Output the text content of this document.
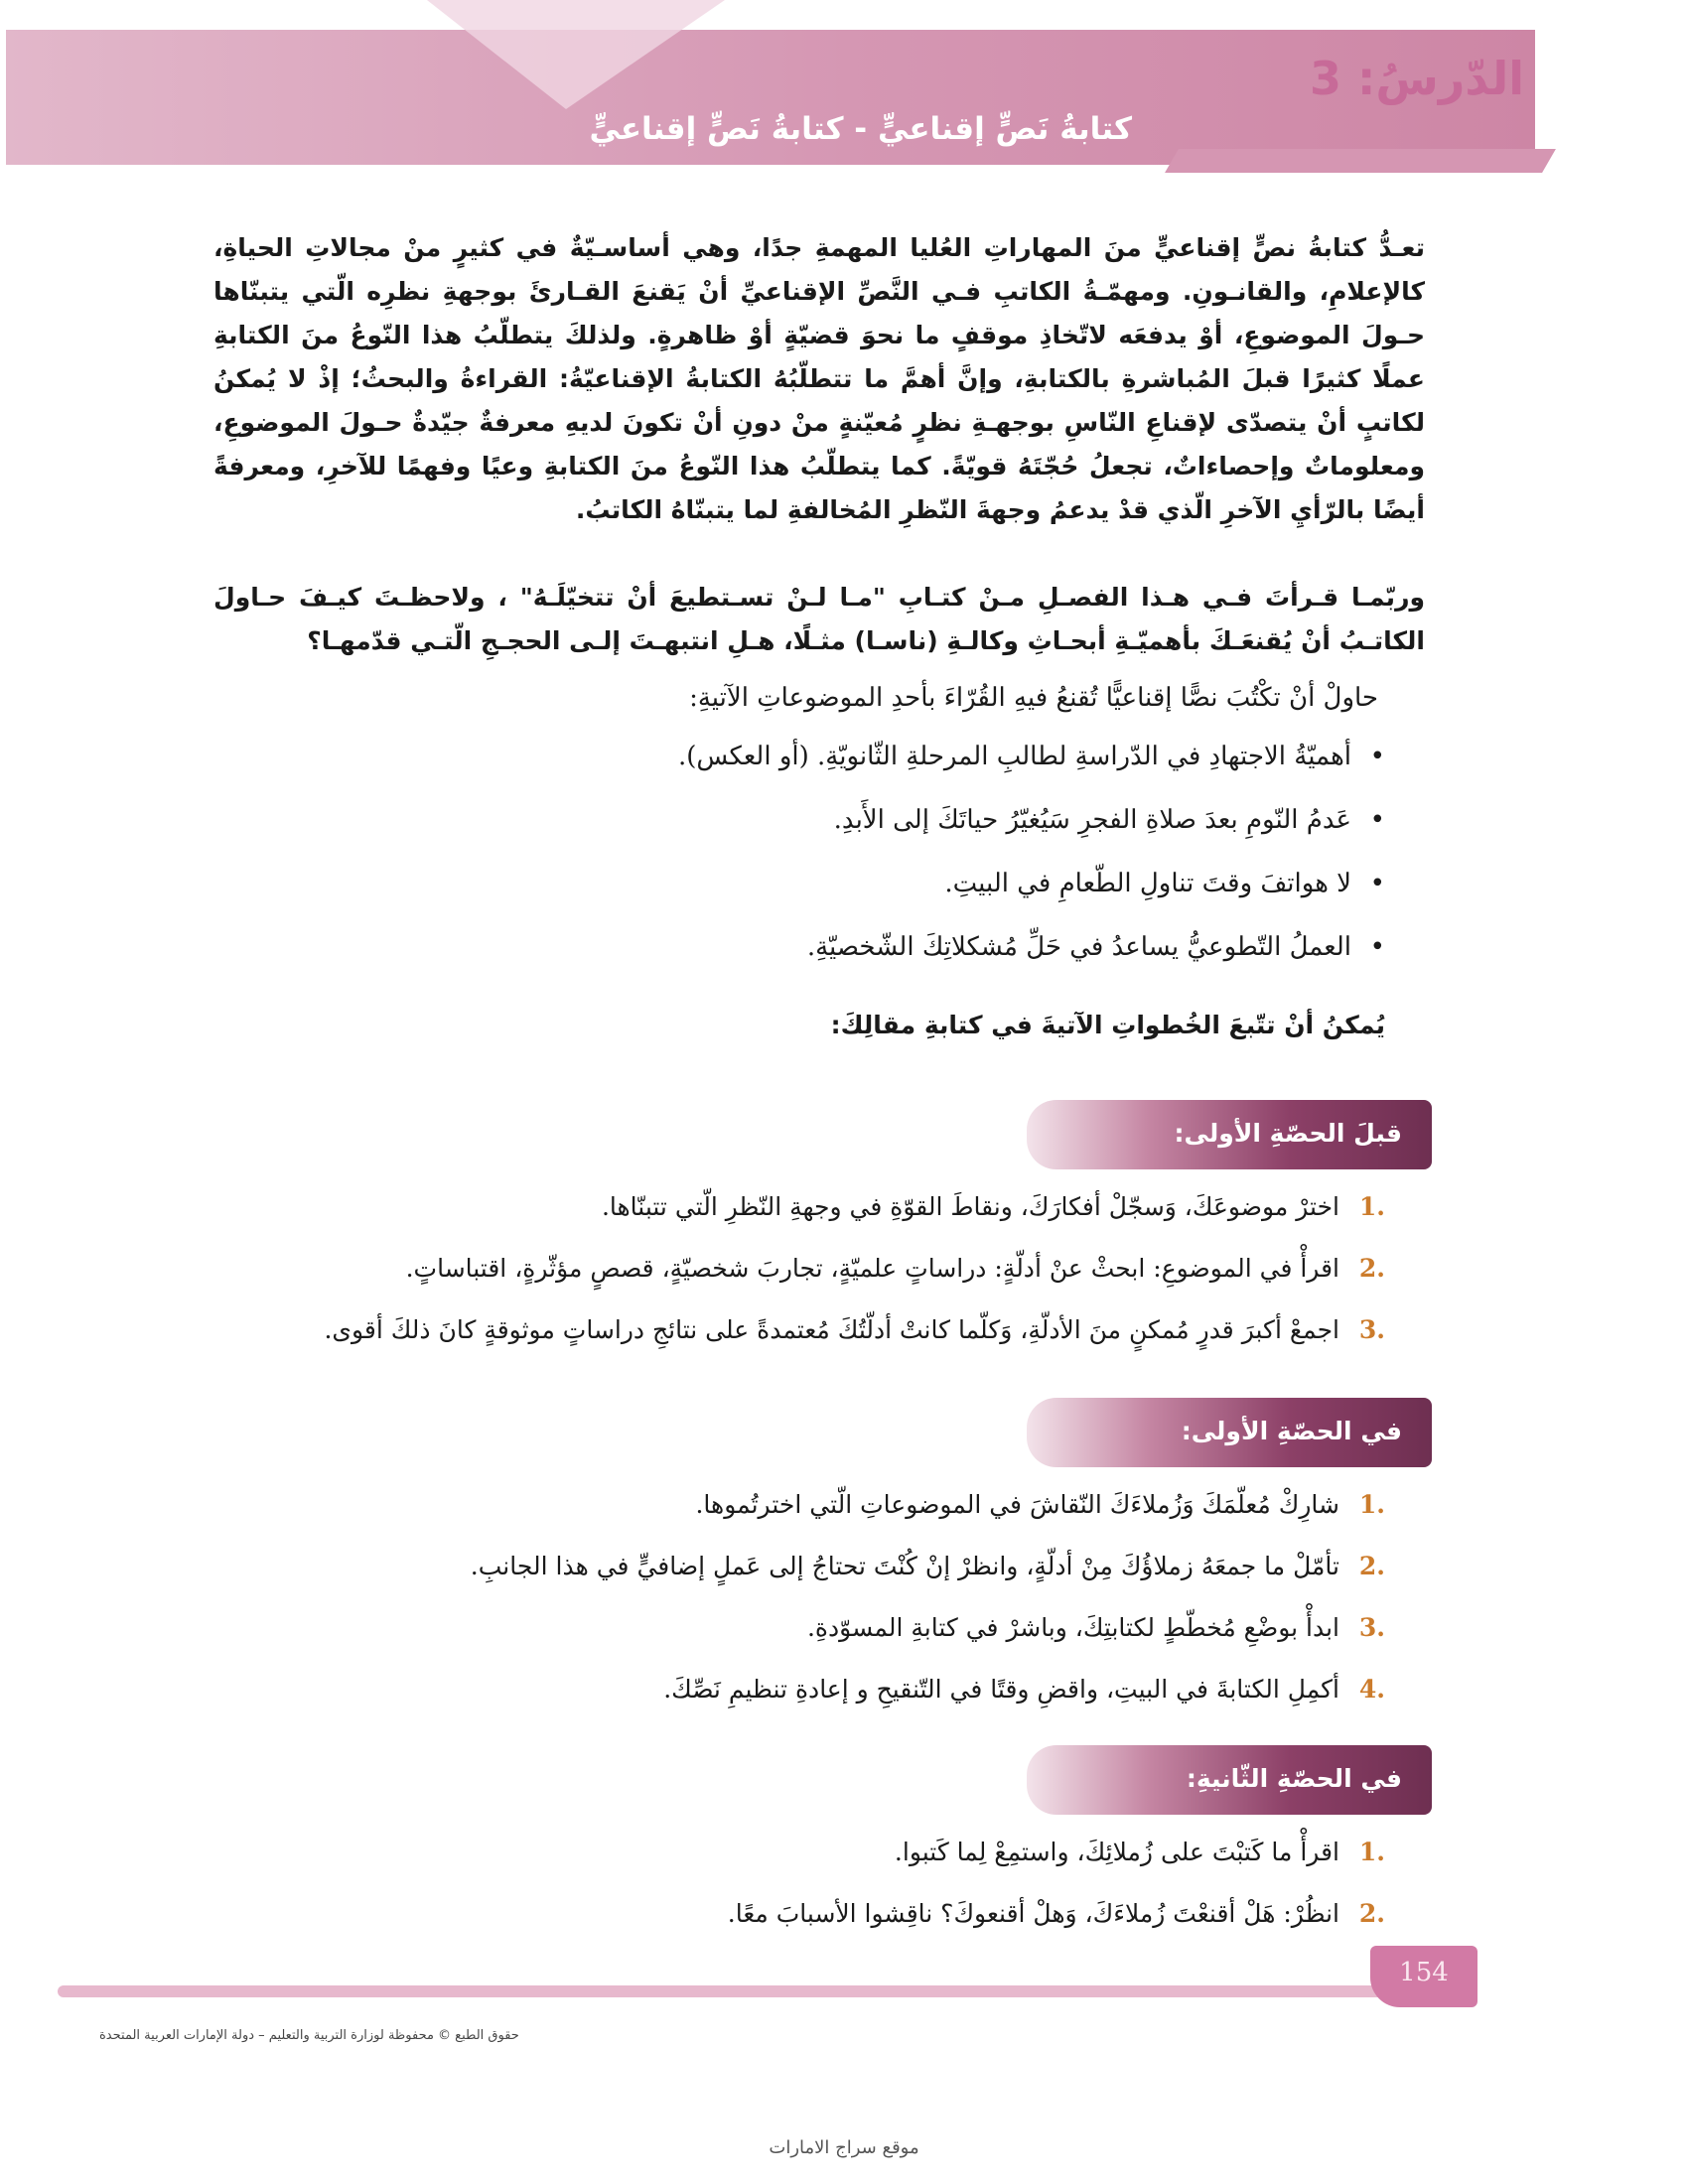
الدّرسُ: 3
كتابةُ نَصٍّ إقناعيٍّ - كتابةُ نَصٍّ إقناعيٍّ

تعـدُّ كتابةُ نصٍّ إقناعيٍّ منَ المهاراتِ العُليا المهمةِ جدًا، وهي أساسـيّةٌ في كثيرٍ منْ مجالاتِ الحياةِ، كالإعلامِ، والقانـونِ. ومهمّـةُ الكاتبِ فـي النَّصِّ الإقناعيِّ أنْ يَقنعَ القـارئَ بوجهةِ نظرِه الّتي يتبنّاها حـولَ الموضوعِ، أوْ يدفعَه لاتّخاذِ موقفٍ ما نحوَ قضيّةٍ أوْ ظاهرةٍ. ولذلكَ يتطلّبُ هذا النّوعُ منَ الكتابةِ عملًا كثيرًا قبلَ المُباشرةِ بالكتابةِ، وإنَّ أهمَّ ما تتطلّبُهُ الكتابةُ الإقناعيّةُ: القراءةُ والبحثُ؛ إذْ لا يُمكنُ لكاتبٍ أنْ يتصدّى لإقناعِ النّاسِ بوجهـةِ نظرٍ مُعيّنةٍ منْ دونِ أنْ تكونَ لديهِ معرفةٌ جيّدةٌ حـولَ الموضوعِ، ومعلوماتٌ وإحصاءاتٌ، تجعلُ حُجّتَهُ قويّةً. كما يتطلّبُ هذا النّوعُ منَ الكتابةِ وعيًا وفهمًا للآخرِ، ومعرفةً أيضًا بالرّأيِ الآخرِ الّذي قدْ يدعمُ وجهةَ النّظرِ المُخالفةِ لما يتبنّاهُ الكاتبُ.

وربّمـا قـرأتَ فـي هـذا الفصـلِ مـنْ كتـابِ "مـا لـنْ تسـتطيعَ أنْ تتخيّلَـهُ" ، ولاحظـتَ كيـفَ حـاولَ الكاتـبُ أنْ يُقنعَـكَ بأهميّـةِ أبحـاثِ وكالـةِ (ناسـا) مثـلًا، هـلِ انتبهـتَ إلـى الحجـجِ الّتـي قدّمهـا؟

حاولْ أنْ تكْتُبَ نصًّا إقناعيًّا تُقنعُ فيهِ القُرّاءَ بأحدِ الموضوعاتِ الآتيةِ:

•
أهميّةُ الاجتهادِ في الدّراسةِ لطالبِ المرحلةِ الثّانويّةِ. (أو العكس).
•
عَدمُ النّومِ بعدَ صلاةِ الفجرِ سَيُغيّرُ حياتَكَ إلى الأَبدِ.
•
لا هواتفَ وقتَ تناولِ الطّعامِ في البيتِ.
•
العملُ التّطوعيُّ يساعدُ في حَلِّ مُشكلاتِكَ الشّخصيّةِ.

يُمكنُ أنْ تتّبعَ الخُطواتِ الآتيةَ في كتابةِ مقالِكَ:

قبلَ الحصّةِ الأولى:
1.
اخترْ موضوعَكَ، وَسجّلْ أفكارَكَ، ونقاطَ القوّةِ في وجهةِ النّظرِ الّتي تتبنّاها.
2.
اقرأْ في الموضوعِ: ابحثْ عنْ أدلّةٍ: دراساتٍ علميّةٍ، تجاربَ شخصيّةٍ، قصصٍ مؤثّرةٍ، اقتباساتٍ.
3.
اجمعْ أكبرَ قدرٍ مُمكنٍ منَ الأدلّةِ، وَكلّما كانتْ أدلّتُكَ مُعتمدةً على نتائجِ دراساتٍ موثوقةٍ كانَ ذلكَ أقوى.
في الحصّةِ الأولى:
1.
شارِكْ مُعلّمَكَ وَزُملاءَكَ النّقاشَ في الموضوعاتِ الّتي اخترتُموها.
2.
تأمّلْ ما جمعَهُ زملاؤُكَ مِنْ أدلّةٍ، وانظرْ إنْ كُنْتَ تحتاجُ إلى عَملٍ إضافيٍّ في هذا الجانبِ.
3.
ابدأْ بوضْعِ مُخطّطٍ لكتابتِكَ، وباشرْ في كتابةِ المسوّدةِ.
4.
أكمِلِ الكتابةَ في البيتِ، واقضِ وقتًا في التّنقيحِ و إعادةِ تنظيمِ نَصِّكَ.
في الحصّةِ الثّانيةِ:
1.
اقرأْ ما كَتبْتَ على زُملائِكَ، واستمِعْ لِما كَتبوا.
2.
انظُرْ: هَلْ أقنعْتَ زُملاءَكَ، وَهلْ أقنعوكَ؟ ناقِشوا الأسبابَ معًا.
154
حقوق الطبع © محفوظة لوزارة التربية والتعليم – دولة الإمارات العربية المتحدة
موقع سراج الامارات
